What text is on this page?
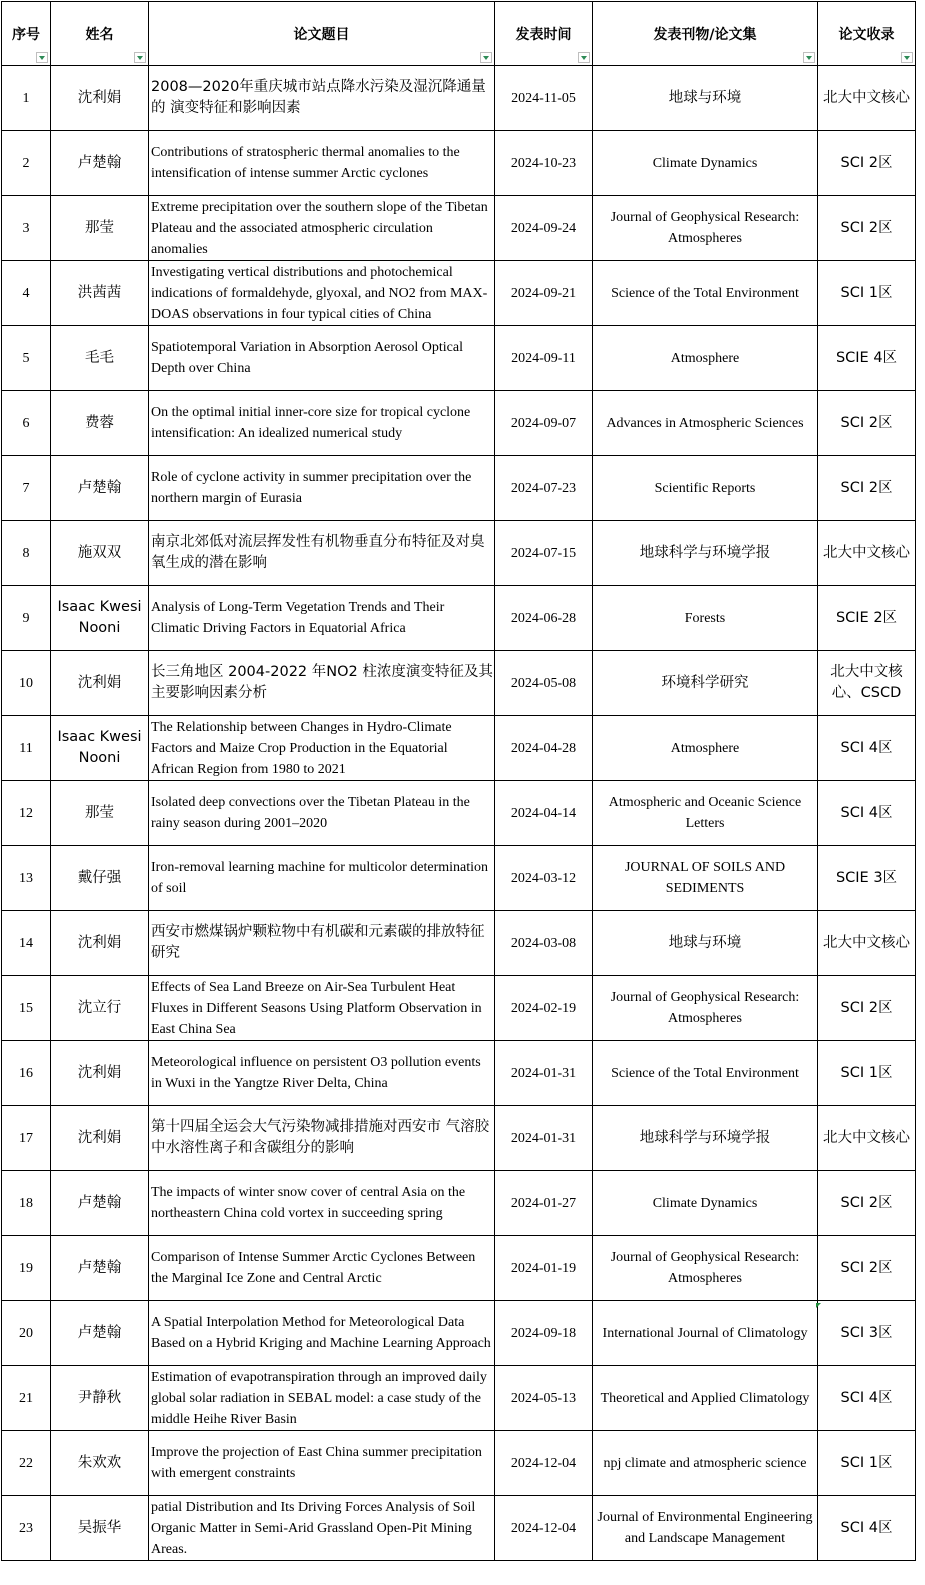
序号	姓名	论文题目	发表时间	发表刊物/论文集	论文收录

1	沈利娟	2008—2020年重庆城市站点降水污染及湿沉降通量的 演变特征和影响因素	2024-11-05	地球与环境	北大中文核心
2	卢楚翰	Contributions of stratospheric thermal anomalies to the intensification of intense summer Arctic cyclones	2024-10-23	Climate Dynamics	SCI 2区
3	那莹	Extreme precipitation over the southern slope of the Tibetan Plateau and the associated atmospheric circulation anomalies	2024-09-24	Journal of Geophysical Research: Atmospheres	SCI 2区
4	洪茜茜	Investigating vertical distributions and photochemical indications of formaldehyde, glyoxal, and NO2 from MAX-DOAS observations in four typical cities of China	2024-09-21	Science of the Total Environment	SCI 1区
5	毛毛	Spatiotemporal Variation in Absorption Aerosol Optical Depth over China	2024-09-11	Atmosphere	SCIE 4区
6	费蓉	On the optimal initial inner-core size for tropical cyclone intensification: An idealized numerical study	2024-09-07	Advances in Atmospheric Sciences	SCI 2区
7	卢楚翰	Role of cyclone activity in summer precipitation over the northern margin of Eurasia	2024-07-23	Scientific Reports	SCI 2区
8	施双双	南京北郊低对流层挥发性有机物垂直分布特征及对臭氧生成的潜在影响	2024-07-15	地球科学与环境学报	北大中文核心
9	Isaac Kwesi Nooni	Analysis of Long-Term Vegetation Trends and Their Climatic Driving Factors in Equatorial Africa	2024-06-28	Forests	SCIE 2区
10	沈利娟	长三角地区 2004-2022 年NO2 柱浓度演变特征及其主要影响因素分析	2024-05-08	环境科学研究	北大中文核心、CSCD
11	Isaac Kwesi Nooni	The Relationship between Changes in Hydro-Climate Factors and Maize Crop Production in the Equatorial African Region from 1980 to 2021	2024-04-28	Atmosphere	SCI 4区
12	那莹	Isolated deep convections over the Tibetan Plateau in the rainy season during 2001–2020	2024-04-14	Atmospheric and Oceanic Science Letters	SCI 4区
13	戴仔强	Iron-removal learning machine for multicolor determination of soil	2024-03-12	JOURNAL OF SOILS AND SEDIMENTS	SCIE 3区
14	沈利娟	西安市燃煤锅炉颗粒物中有机碳和元素碳的排放特征研究	2024-03-08	地球与环境	北大中文核心
15	沈立行	Effects of Sea Land Breeze on Air-Sea Turbulent Heat Fluxes in Different Seasons Using Platform Observation in East China Sea	2024-02-19	Journal of Geophysical Research: Atmospheres	SCI 2区
16	沈利娟	Meteorological influence on persistent O3 pollution events in Wuxi in the Yangtze River Delta, China	2024-01-31	Science of the Total Environment	SCI 1区
17	沈利娟	第十四届全运会大气污染物减排措施对西安市 气溶胶中水溶性离子和含碳组分的影响	2024-01-31	地球科学与环境学报	北大中文核心
18	卢楚翰	The impacts of winter snow cover of central Asia on the northeastern China cold vortex in succeeding spring	2024-01-27	Climate Dynamics	SCI 2区
19	卢楚翰	Comparison of Intense Summer Arctic Cyclones Between the Marginal Ice Zone and Central Arctic	2024-01-19	Journal of Geophysical Research: Atmospheres	SCI 2区
20	卢楚翰	A Spatial Interpolation Method for Meteorological Data Based on a Hybrid Kriging and Machine Learning Approach	2024-09-18	International Journal of Climatology	SCI 3区
21	尹静秋	Estimation of evapotranspiration through an improved daily global solar radiation in SEBAL model: a case study of the middle Heihe River Basin	2024-05-13	Theoretical and Applied Climatology	SCI 4区
22	朱欢欢	Improve the projection of East China summer precipitation with emergent constraints	2024-12-04	npj climate and atmospheric science	SCI 1区
23	吴振华	patial Distribution and Its Driving Forces Analysis of Soil Organic Matter in Semi-Arid Grassland Open-Pit Mining Areas.	2024-12-04	Journal of Environmental Engineering and Landscape Management	SCI 4区
